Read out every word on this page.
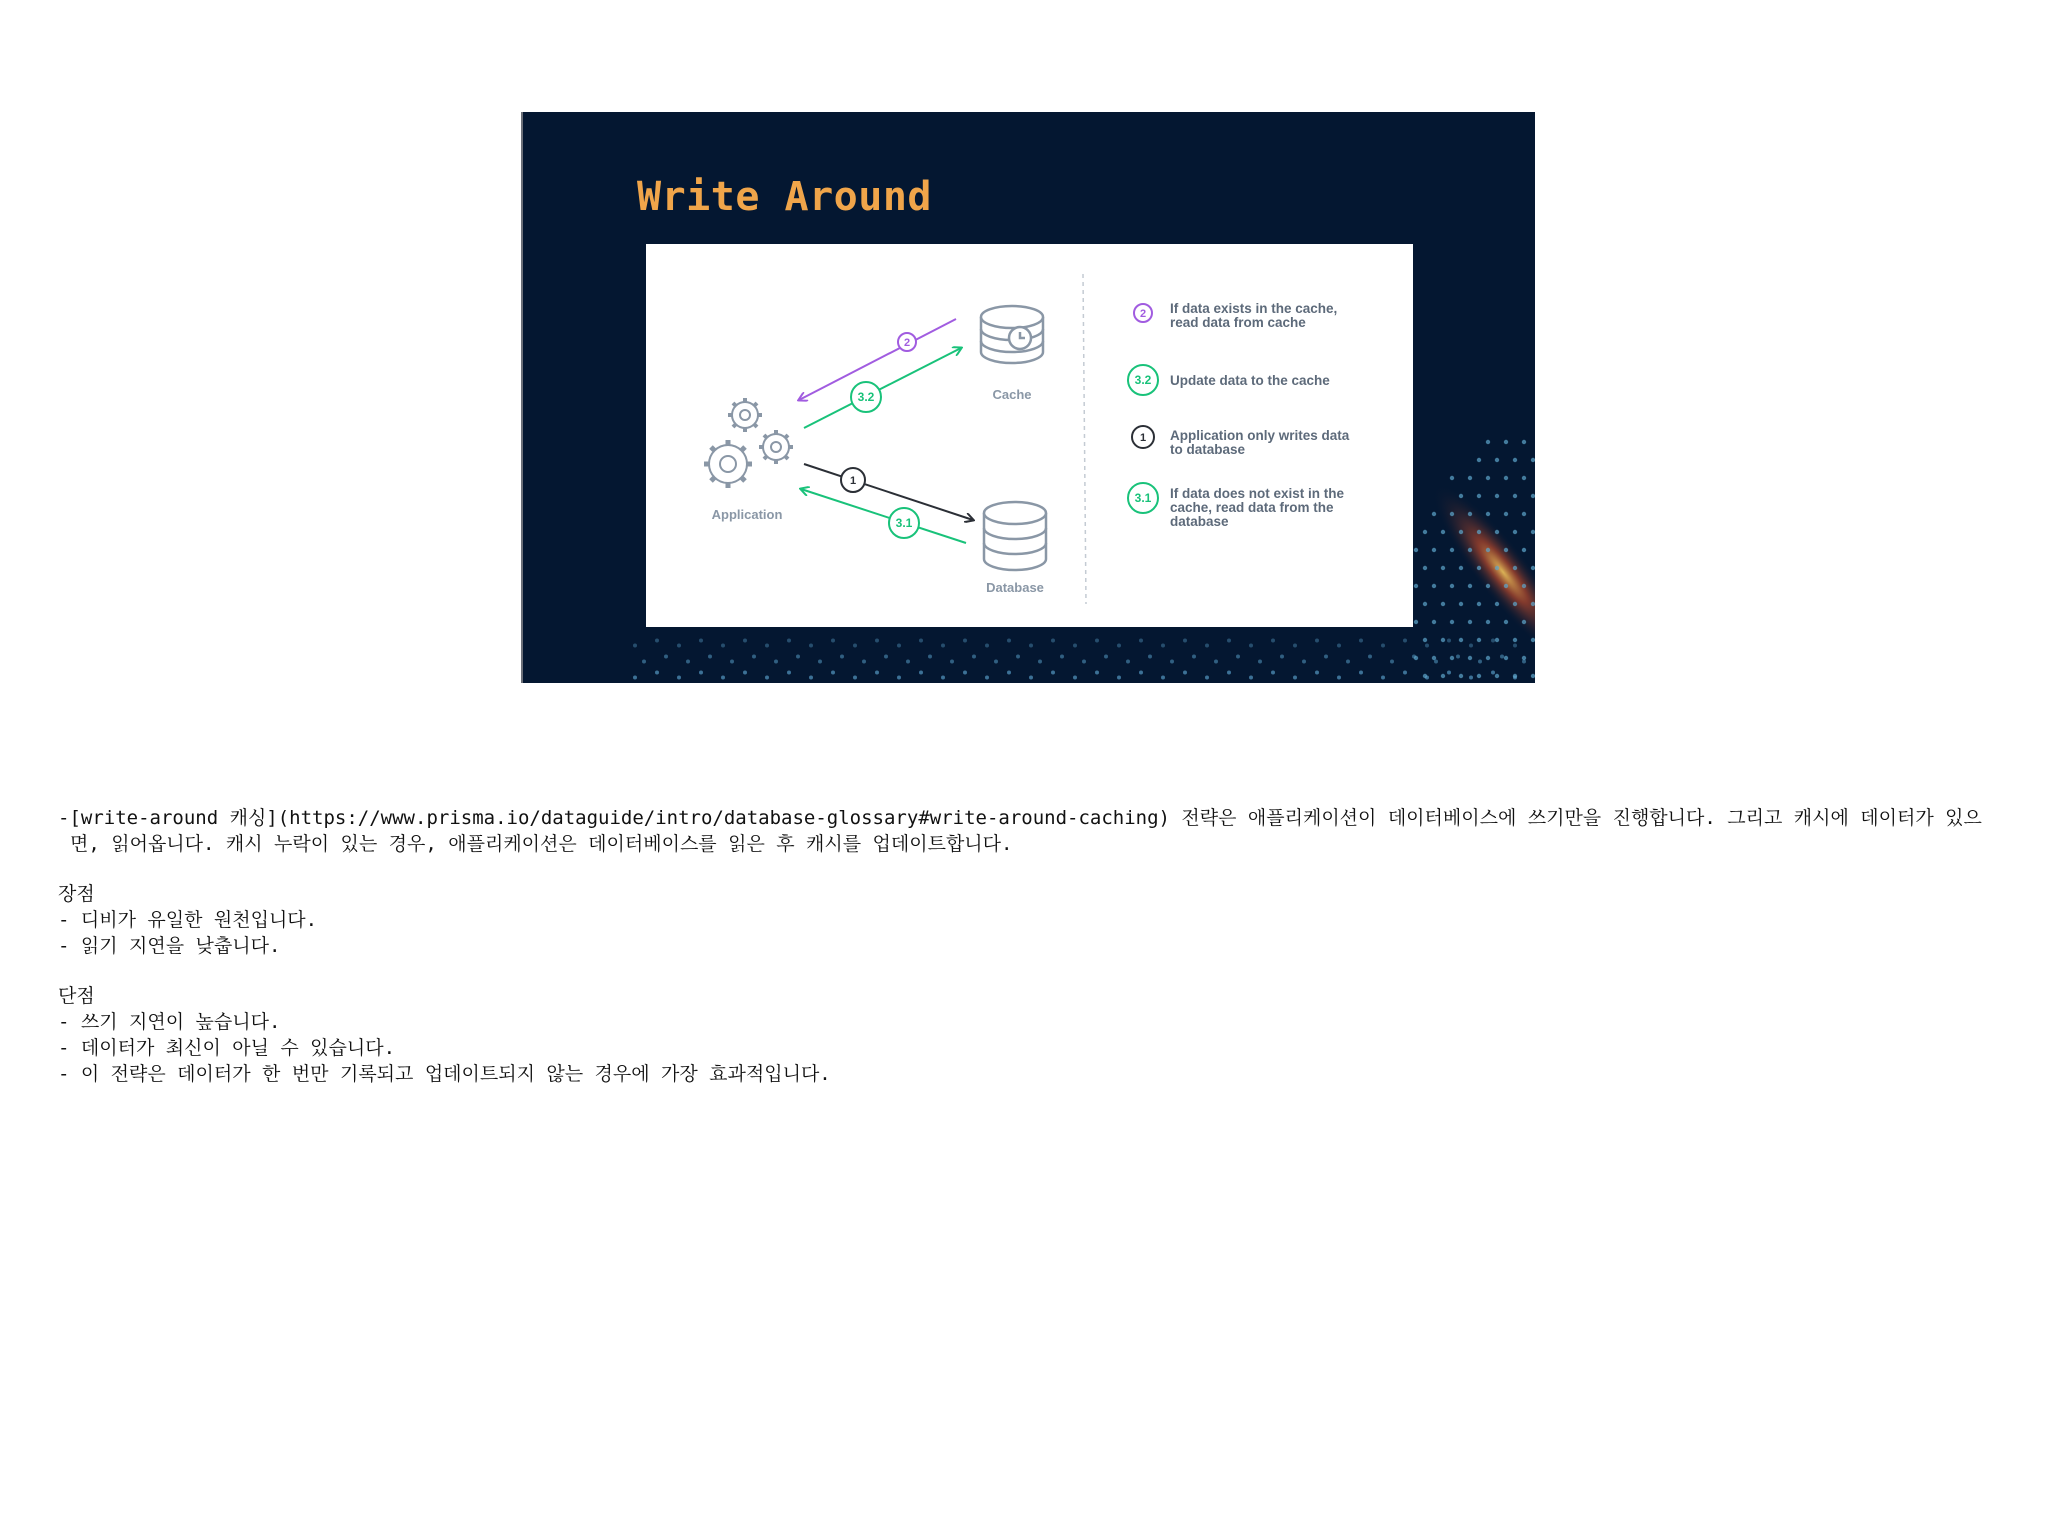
Write Around
2
3.2
1
3.1
Application
Cache
Database
2
3.2
1
3.1
If data exists in the cache, read data from cache
Update data to the cache
Application only writes data to database
If data does not exist in the cache, read data from the database

-[write-around 캐싱](https://www.prisma.io/dataguide/intro/database-glossary#write-around-caching) 전략은 애플리케이션이 데이터베이스에 쓰기만을 진행합니다. 그리고 캐시에 데이터가 있으면, 읽어옵니다. 캐시 누락이 있는 경우, 애플리케이션은 데이터베이스를 읽은 후 캐시를 업데이트합니다.

장점

- 디비가 유일한 원천입니다.

- 읽기 지연을 낮춥니다.

단점

- 쓰기 지연이 높습니다.

- 데이터가 최신이 아닐 수 있습니다.

- 이 전략은 데이터가 한 번만 기록되고 업데이트되지 않는 경우에 가장 효과적입니다.
